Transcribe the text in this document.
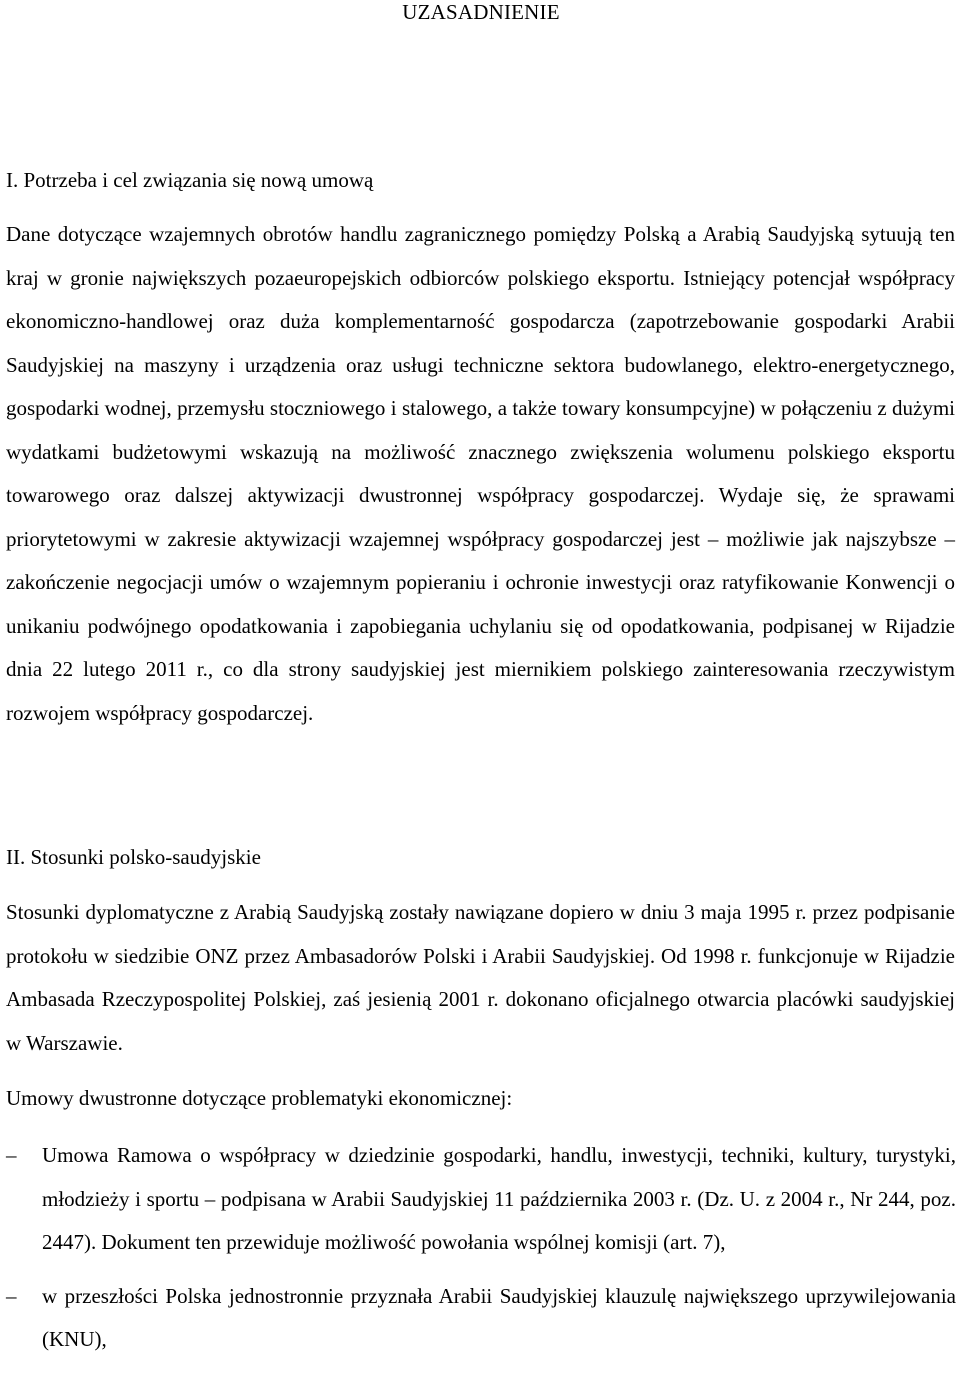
UZASADNIENIE
I. Potrzeba i cel związania się nową umową

Dane dotyczące wzajemnych obrotów handlu zagranicznego pomiędzy Polską a Arabią Saudyjską sytuują ten kraj w gronie największych pozaeuropejskich odbiorców polskiego eksportu. Istniejący potencjał współpracy ekonomiczno-handlowej oraz duża komplementarność gospodarcza (zapotrzebowanie gospodarki Arabii Saudyjskiej na maszyny i urządzenia oraz usługi techniczne sektora budowlanego, elektro-energetycznego, gospodarki wodnej, przemysłu stoczniowego i stalowego, a także towary konsumpcyjne) w połączeniu z dużymi wydatkami budżetowymi wskazują na możliwość znacznego zwiększenia wolumenu polskiego eksportu towarowego oraz dalszej aktywizacji dwustronnej współpracy gospodarczej. Wydaje się, że sprawami priorytetowymi w zakresie aktywizacji wzajemnej współpracy gospodarczej jest – możliwie jak najszybsze – zakończenie negocjacji umów o wzajemnym popieraniu i ochronie inwestycji oraz ratyfikowanie Konwencji o unikaniu podwójnego opodatkowania i zapobiegania uchylaniu się od opodatkowania, podpisanej w Rijadzie dnia 22 lutego 2011 r., co dla strony saudyjskiej jest miernikiem polskiego zainteresowania rzeczywistym rozwojem współpracy gospodarczej.

II. Stosunki polsko-saudyjskie

Stosunki dyplomatyczne z Arabią Saudyjską zostały nawiązane dopiero w dniu 3 maja 1995 r. przez podpisanie protokołu w siedzibie ONZ przez Ambasadorów Polski i Arabii Saudyjskiej. Od 1998 r. funkcjonuje w Rijadzie Ambasada Rzeczypospolitej Polskiej, zaś jesienią 2001 r. dokonano oficjalnego otwarcia placówki saudyjskiej w Warszawie.

Umowy dwustronne dotyczące problematyki ekonomicznej:
–	Umowa Ramowa o współpracy w dziedzinie gospodarki, handlu, inwestycji, techniki, kultury, turystyki, młodzieży i sportu – podpisana w Arabii Saudyjskiej 11 października 2003 r. (Dz. U. z 2004 r., Nr 244, poz. 2447). Dokument ten przewiduje możliwość powołania wspólnej komisji (art. 7),
–	w przeszłości Polska jednostronnie przyznała Arabii Saudyjskiej klauzulę największego uprzywilejowania (KNU),
